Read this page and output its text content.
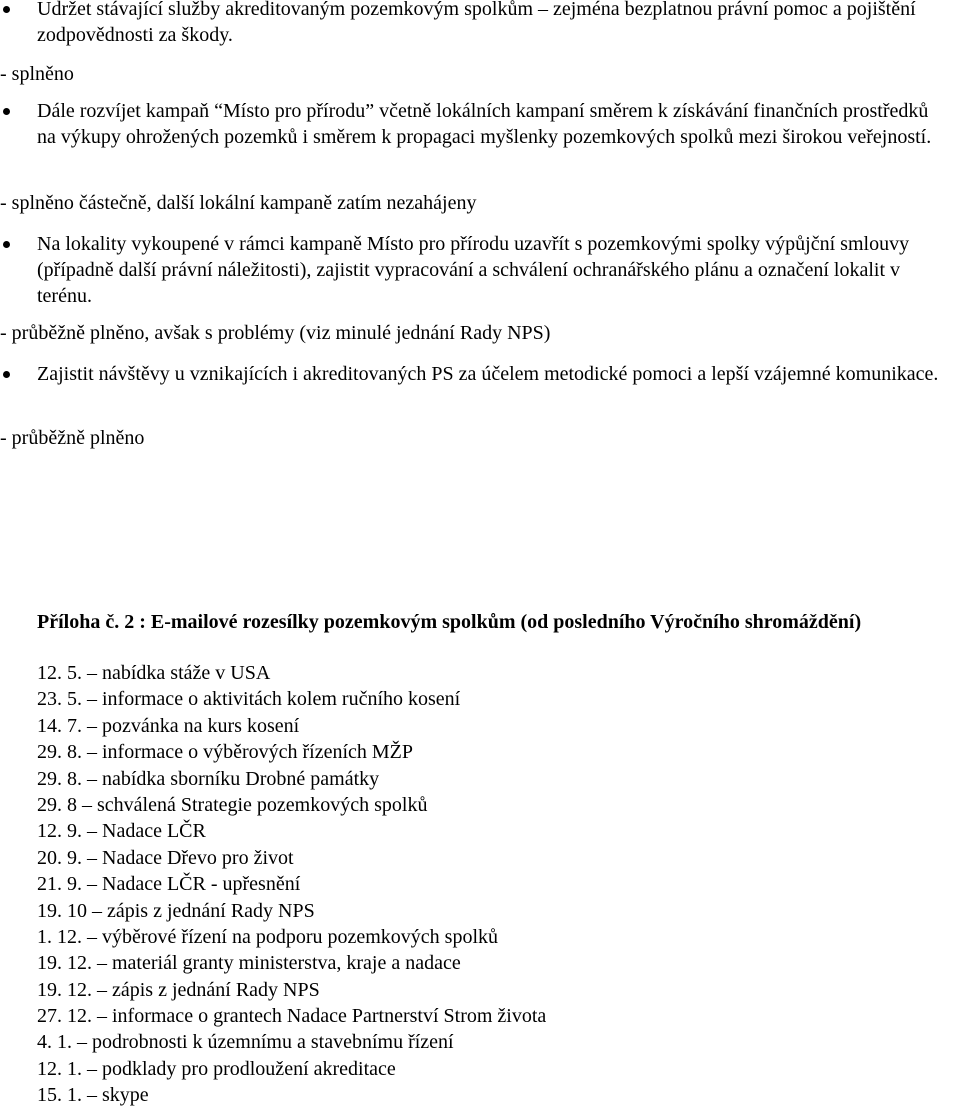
Udržet stávající služby akreditovaným pozemkovým spolkům – zejména bezplatnou právní pomoc a pojištění zodpovědnosti za škody.
- splněno
Dále rozvíjet kampaň “Místo pro přírodu” včetně lokálních kampaní směrem k získávání finančních prostředků na výkupy ohrožených pozemků i směrem k propagaci myšlenky pozemkových spolků mezi širokou veřejností.
- splněno částečně, další lokální kampaně zatím nezahájeny
Na lokality vykoupené v rámci kampaně Místo pro přírodu uzavřít s pozemkovými spolky výpůjční smlouvy (případně další právní náležitosti), zajistit vypracování a schválení ochranářského plánu a označení lokalit v terénu.
- průběžně plněno, avšak s problémy (viz minulé jednání Rady NPS)
Zajistit návštěvy u vznikajících i akreditovaných PS za účelem metodické pomoci a lepší vzájemné komunikace.
- průběžně plněno
Příloha č. 2 : E-mailové rozesílky pozemkovým spolkům (od posledního Výročního shromáždění)
12. 5. – nabídka stáže v USA
23. 5. – informace o aktivitách kolem ručního kosení
14. 7. – pozvánka na kurs kosení
29. 8. – informace o výběrových řízeních MŽP
29. 8. – nabídka sborníku Drobné památky
29. 8 – schválená Strategie pozemkových spolků
12. 9. – Nadace LČR
20. 9. – Nadace Dřevo pro život
21. 9. – Nadace LČR - upřesnění
19. 10 – zápis z jednání Rady NPS
1. 12. – výběrové řízení na podporu pozemkových spolků
19. 12. – materiál granty ministerstva, kraje a nadace
19. 12. – zápis z jednání Rady NPS
27. 12. – informace o grantech Nadace Partnerství Strom života
4. 1. – podrobnosti k územnímu a stavebnímu řízení
12. 1. – podklady pro prodloužení akreditace
15. 1. – skype
